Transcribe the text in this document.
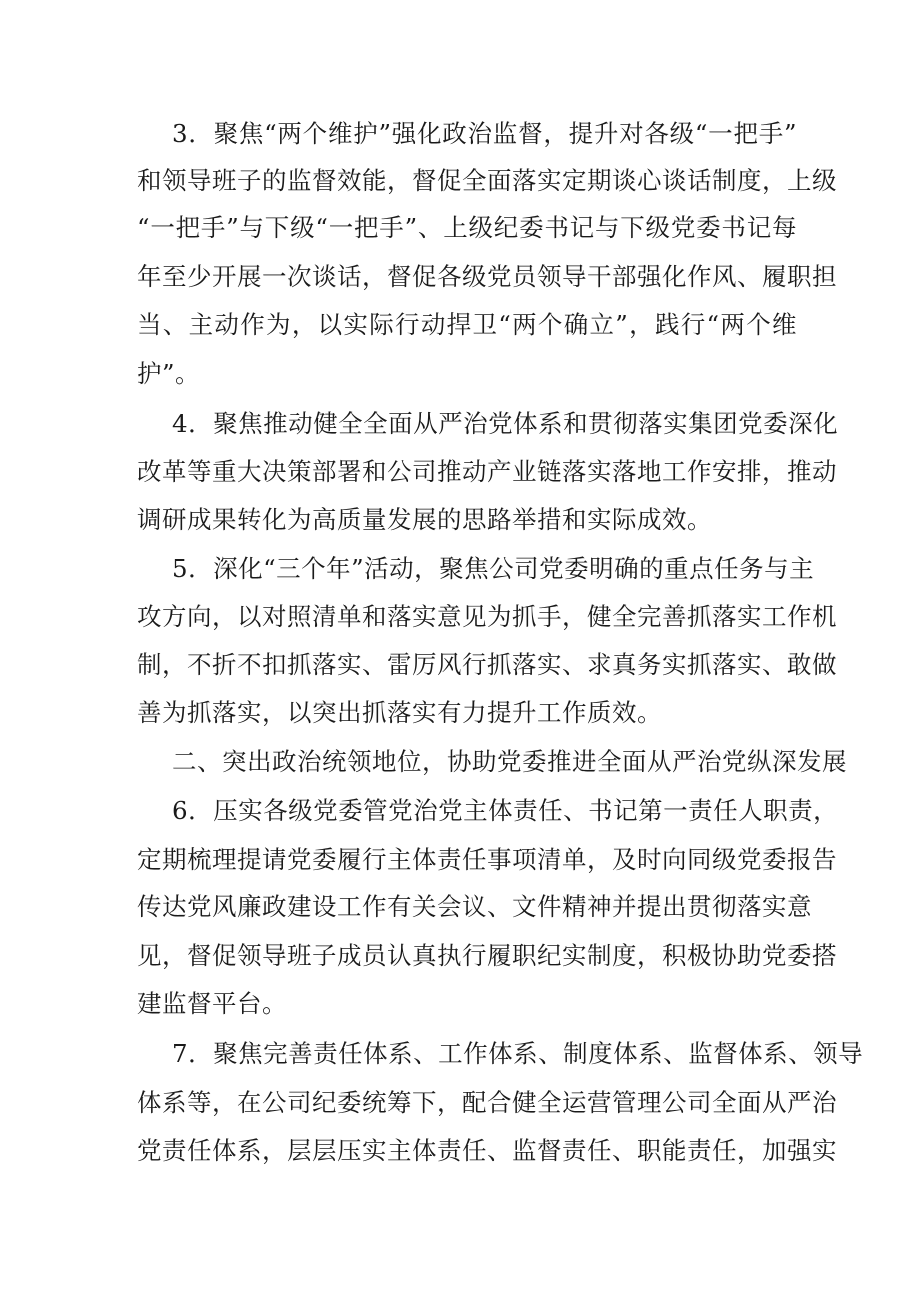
3．聚焦“两个维护”强化政治监督，提升对各级“一把手”
和领导班子的监督效能，督促全面落实定期谈心谈话制度，上级
“一把手”与下级“一把手”、上级纪委书记与下级党委书记每
年至少开展一次谈话，督促各级党员领导干部强化作风、履职担
当、主动作为，以实际行动捍卫“两个确立”，践行“两个维
护”。
4．聚焦推动健全全面从严治党体系和贯彻落实集团党委深化
改革等重大决策部署和公司推动产业链落实落地工作安排，推动
调研成果转化为高质量发展的思路举措和实际成效。
5．深化“三个年”活动，聚焦公司党委明确的重点任务与主
攻方向，以对照清单和落实意见为抓手，健全完善抓落实工作机
制，不折不扣抓落实、雷厉风行抓落实、求真务实抓落实、敢做
善为抓落实，以突出抓落实有力提升工作质效。
二、突出政治统领地位，协助党委推进全面从严治党纵深发展
6．压实各级党委管党治党主体责任、书记第一责任人职责，
定期梳理提请党委履行主体责任事项清单，及时向同级党委报告
传达党风廉政建设工作有关会议、文件精神并提出贯彻落实意
见，督促领导班子成员认真执行履职纪实制度，积极协助党委搭
建监督平台。
7．聚焦完善责任体系、工作体系、制度体系、监督体系、领导
体系等，在公司纪委统筹下，配合健全运营管理公司全面从严治
党责任体系，层层压实主体责任、监督责任、职能责任，加强实
